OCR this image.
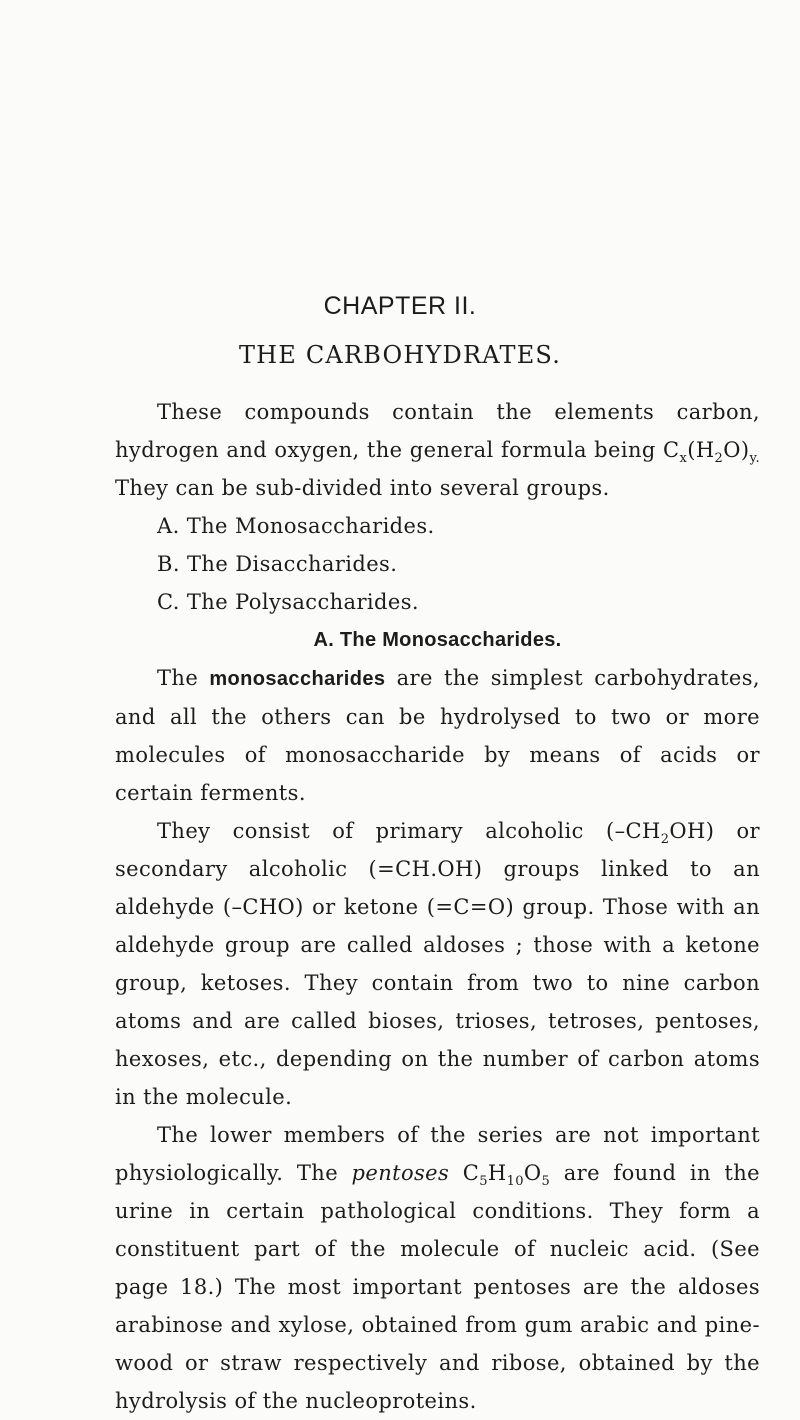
CHAPTER II.
THE CARBOHYDRATES.

These compounds contain the elements carbon, hydrogen and oxygen, the general formula being $C_x(H_2O)_{y.}$ They can be sub-divided into several groups.

A. The Monosaccharides.

B. The Disaccharides.

C. The Polysaccharides.

A. The Monosaccharides.

The monosaccharides are the simplest carbohydrates, and all the others can be hydrolysed to two or more molecules of monosaccharide by means of acids or certain ferments.

They consist of primary alcoholic $(-CH_2OH)$ or secondary alcoholic (=CH.OH) groups linked to an aldehyde (–CHO) or ketone (=C=O) group. Those with an aldehyde group are called aldoses ; those with a ketone group, ketoses. They contain from two to nine carbon atoms and are called bioses, trioses, tetroses, pentoses, hexoses, etc., depending on the number of carbon atoms in the molecule.

The lower members of the series are not important physiologically. The pentoses $C_5H_{10}O_5$ are found in the urine in certain pathological conditions. They form a constituent part of the molecule of nucleic acid. (See page 18.) The most important pentoses are the aldoses arabinose and xylose, obtained from gum arabic and pine-wood or straw respectively and ribose, obtained by the hydrolysis of the nucleoproteins.
